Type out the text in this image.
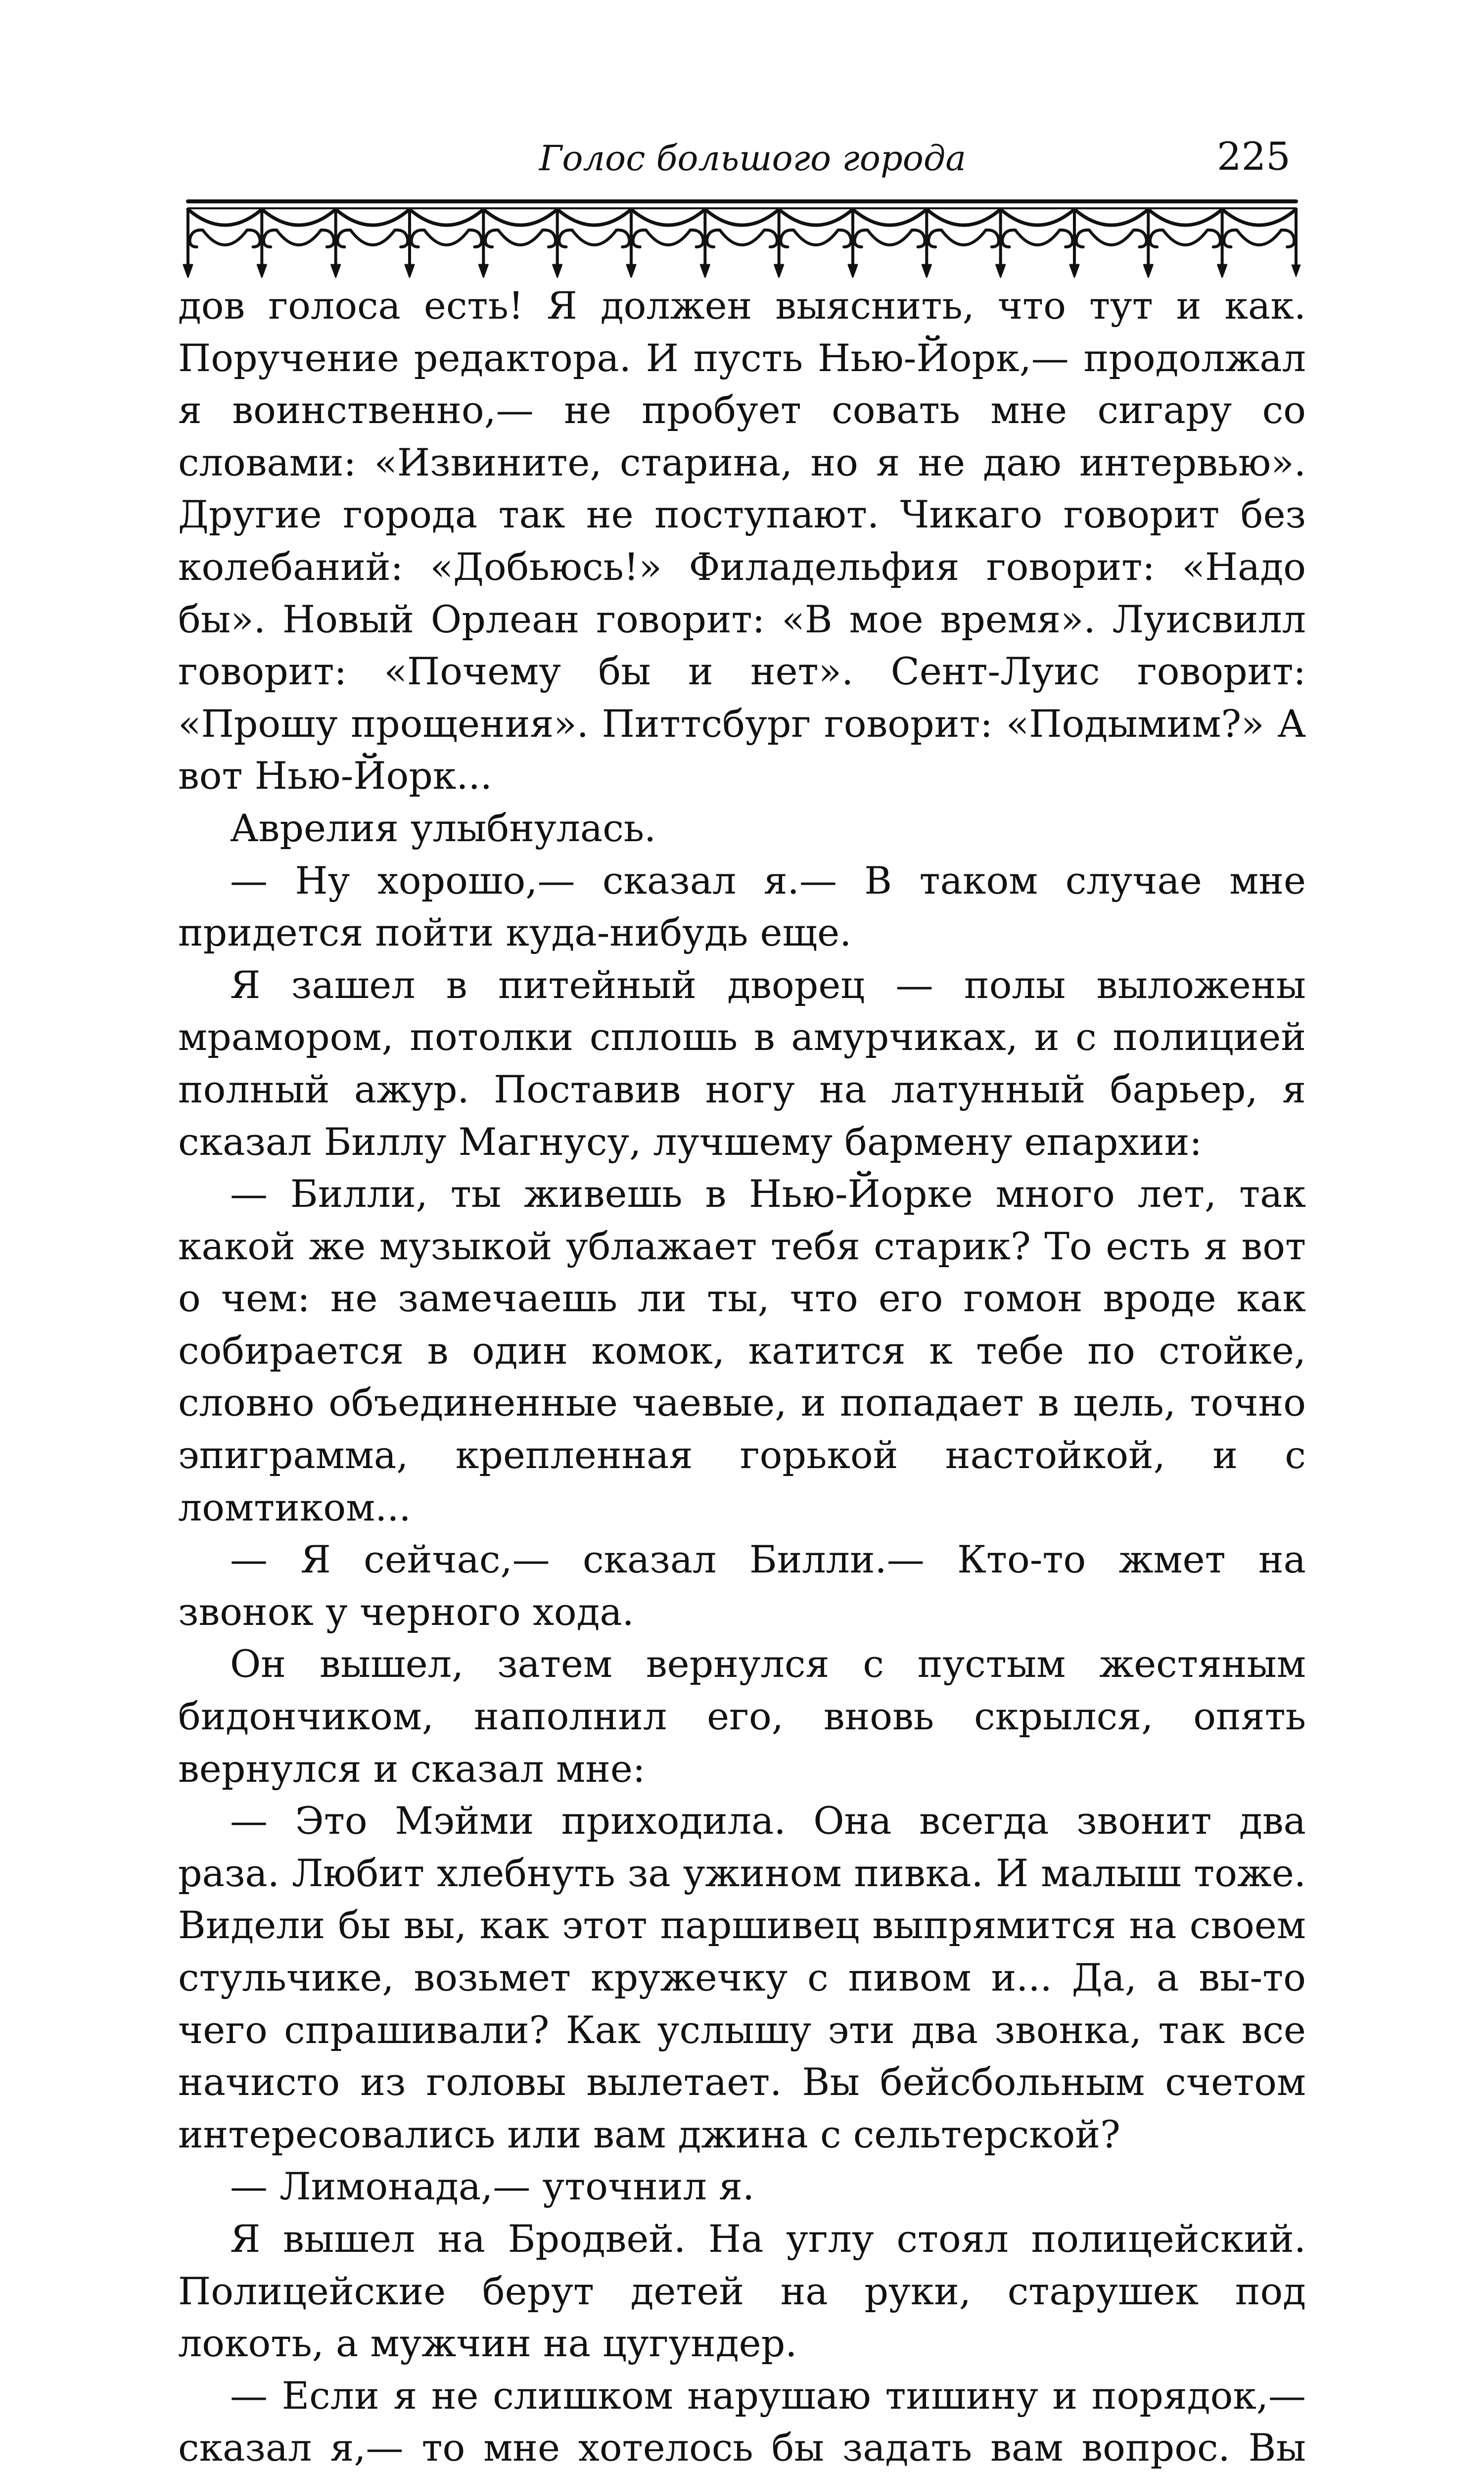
Голос большого города	225

дов голоса есть! Я должен выяснить, что тут и как. Поручение редактора. И пусть Нью-Йорк,— продолжал я воинственно,— не пробует совать мне сигару со словами: «Извините, старина, но я не даю интервью». Другие города так не поступают. Чикаго говорит без колебаний: «Добьюсь!» Филадельфия говорит: «Надо бы». Новый Орлеан говорит: «В мое время». Луисвилл говорит: «Почему бы и нет». Сент-Луис говорит: «Прошу прощения». Питтсбург говорит: «Подымим?» А вот Нью-Йорк...

Аврелия улыбнулась.

— Ну хорошо,— сказал я.— В таком случае мне придется пойти куда-нибудь еще.

Я зашел в питейный дворец — полы выложены мрамором, потолки сплошь в амурчиках, и с полицией полный ажур. Поставив ногу на латунный барьер, я сказал Биллу Магнусу, лучшему бармену епархии:

— Билли, ты живешь в Нью-Йорке много лет, так какой же музыкой ублажает тебя старик? То есть я вот о чем: не замечаешь ли ты, что его гомон вроде как собирается в один комок, катится к тебе по стойке, словно объединенные чаевые, и попадает в цель, точно эпиграмма, крепленная горькой настойкой, и с ломтиком...

— Я сейчас,— сказал Билли.— Кто-то жмет на звонок у черного хода.

Он вышел, затем вернулся с пустым жестяным бидончиком, наполнил его, вновь скрылся, опять вернулся и сказал мне:

— Это Мэйми приходила. Она всегда звонит два раза. Любит хлебнуть за ужином пивка. И малыш тоже. Видели бы вы, как этот паршивец выпрямится на своем стульчике, возьмет кружечку с пивом и... Да, а вы-то чего спрашивали? Как услышу эти два звонка, так все начисто из головы вылетает. Вы бейсбольным счетом интересовались или вам джина с сельтерской?

— Лимонада,— уточнил я.

Я вышел на Бродвей. На углу стоял полицейский. Полицейские берут детей на руки, старушек под локоть, а мужчин на цугундер.

— Если я не слишком нарушаю тишину и порядок,— сказал я,— то мне хотелось бы задать вам вопрос. Вы
